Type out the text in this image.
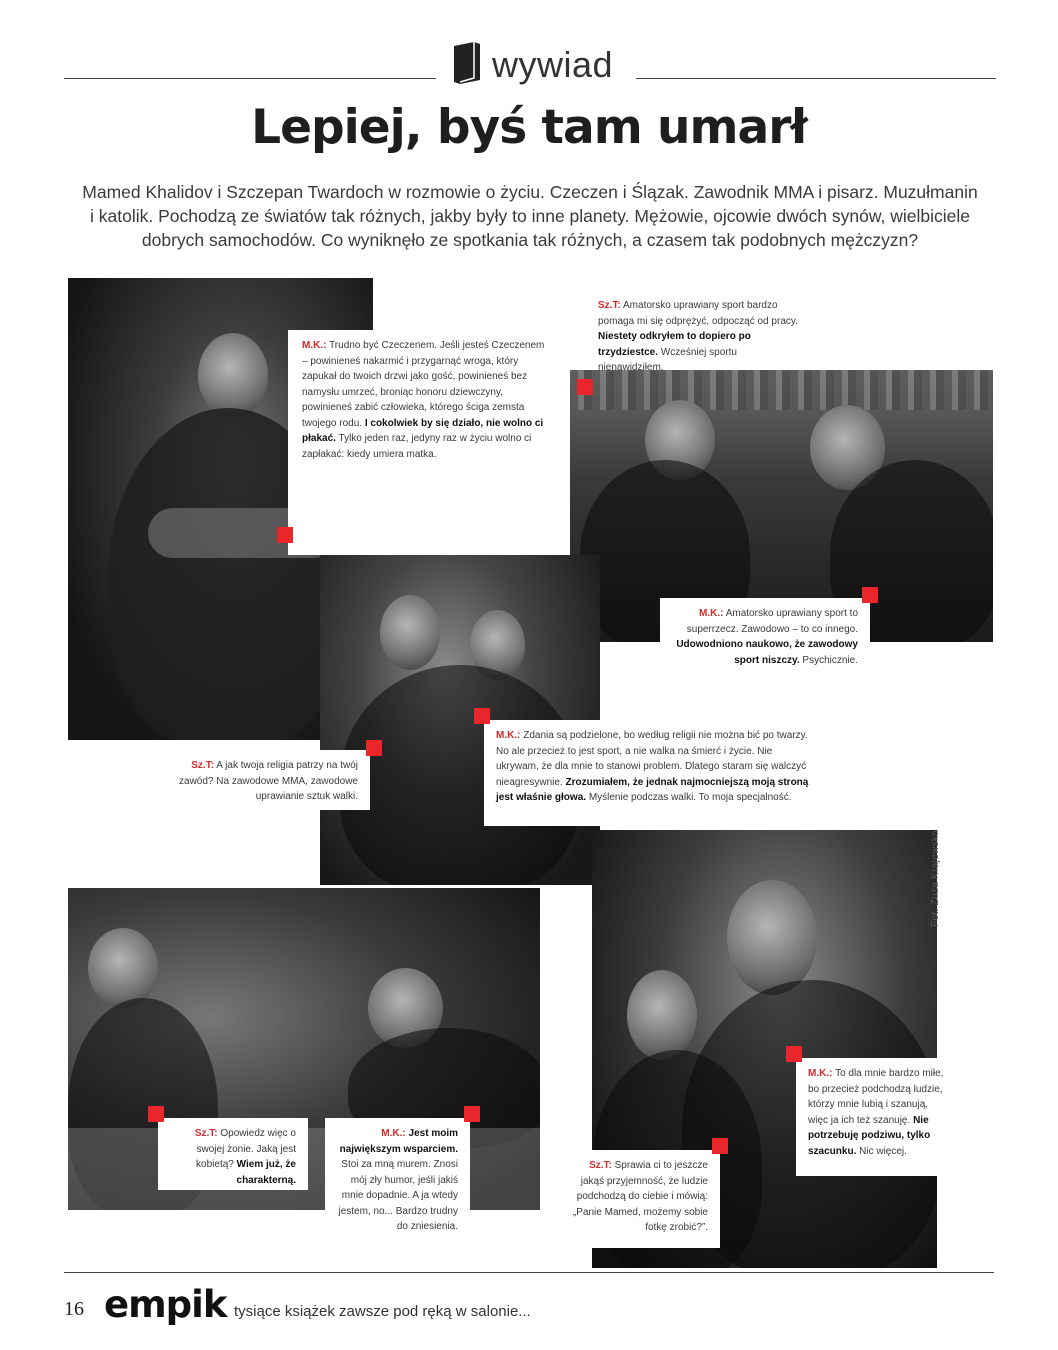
wywiad
Lepiej, byś tam umarł
Mamed Khalidov i Szczepan Twardoch w rozmowie o życiu. Czeczen i Ślązak. Zawodnik MMA i pisarz. Muzułmanin i katolik. Pochodzą ze światów tak różnych, jakby były to inne planety. Mężowie, ojcowie dwóch synów, wielbiciele dobrych samochodów. Co wyniknęło ze spotkania tak różnych, a czasem tak podobnych mężczyzn?
M.K.: Trudno być Czeczenem. Jeśli jesteś Czeczenem – powinieneś nakarmić i przygarnąć wroga, który zapukał do twoich drzwi jako gość, powinieneś bez namysłu umrzeć, broniąc honoru dziewczyny, powinieneś zabić człowieka, którego ściga zemsta twojego rodu. I cokolwiek by się działo, nie wolno ci płakać. Tylko jeden raz, jedyny raz w życiu wolno ci zapłakać: kiedy umiera matka.
Sz.T: Amatorsko uprawiany sport bardzo pomaga mi się odprężyć, odpocząć od pracy. Niestety odkryłem to dopiero po trzydziestce. Wcześniej sportu nienawidziłem.
M.K.: Amatorsko uprawiany sport to superrzecz. Zawodowo – to co innego. Udowodniono naukowo, że zawodowy sport niszczy. Psychicznie.
Sz.T: A jak twoja religia patrzy na twój zawód? Na zawodowe MMA, zawodowe uprawianie sztuk walki.
M.K.: Zdania są podzielone, bo według religii nie można bić po twarzy. No ale przecież to jest sport, a nie walka na śmierć i życie. Nie ukrywam, że dla mnie to stanowi problem. Dlatego staram się walczyć nieagresywnie. Zrozumiałem, że jednak najmocniejszą moją stroną jest właśnie głowa. Myślenie podczas walki. To moja specjalność.
Sz.T: Opowiedz więc o swojej żonie. Jaką jest kobietą? Wiem już, że charakterną.
M.K.: Jest moim największym wsparciem. Stoi za mną murem. Znosi mój zły humor, jeśli jakiś mnie dopadnie. A ja wtedy jestem, no... Bardzo trudny do zniesienia.
Sz.T: Sprawia ci to jeszcze jakąś przyjemność, że ludzie podchodzą do ciebie i mówią: „Panie Mamed, możemy sobie fotkę zrobić?”.
M.K.: To dla mnie bardzo miłe, bo przecież podchodzą ludzie, którzy mnie lubią i szanują, więc ja ich też szanuję. Nie potrzebuję podziwu, tylko szacunku. Nic więcej.
Fot. Zuza Krajewska
16 empik tysiące książek zawsze pod ręką w salonie...
